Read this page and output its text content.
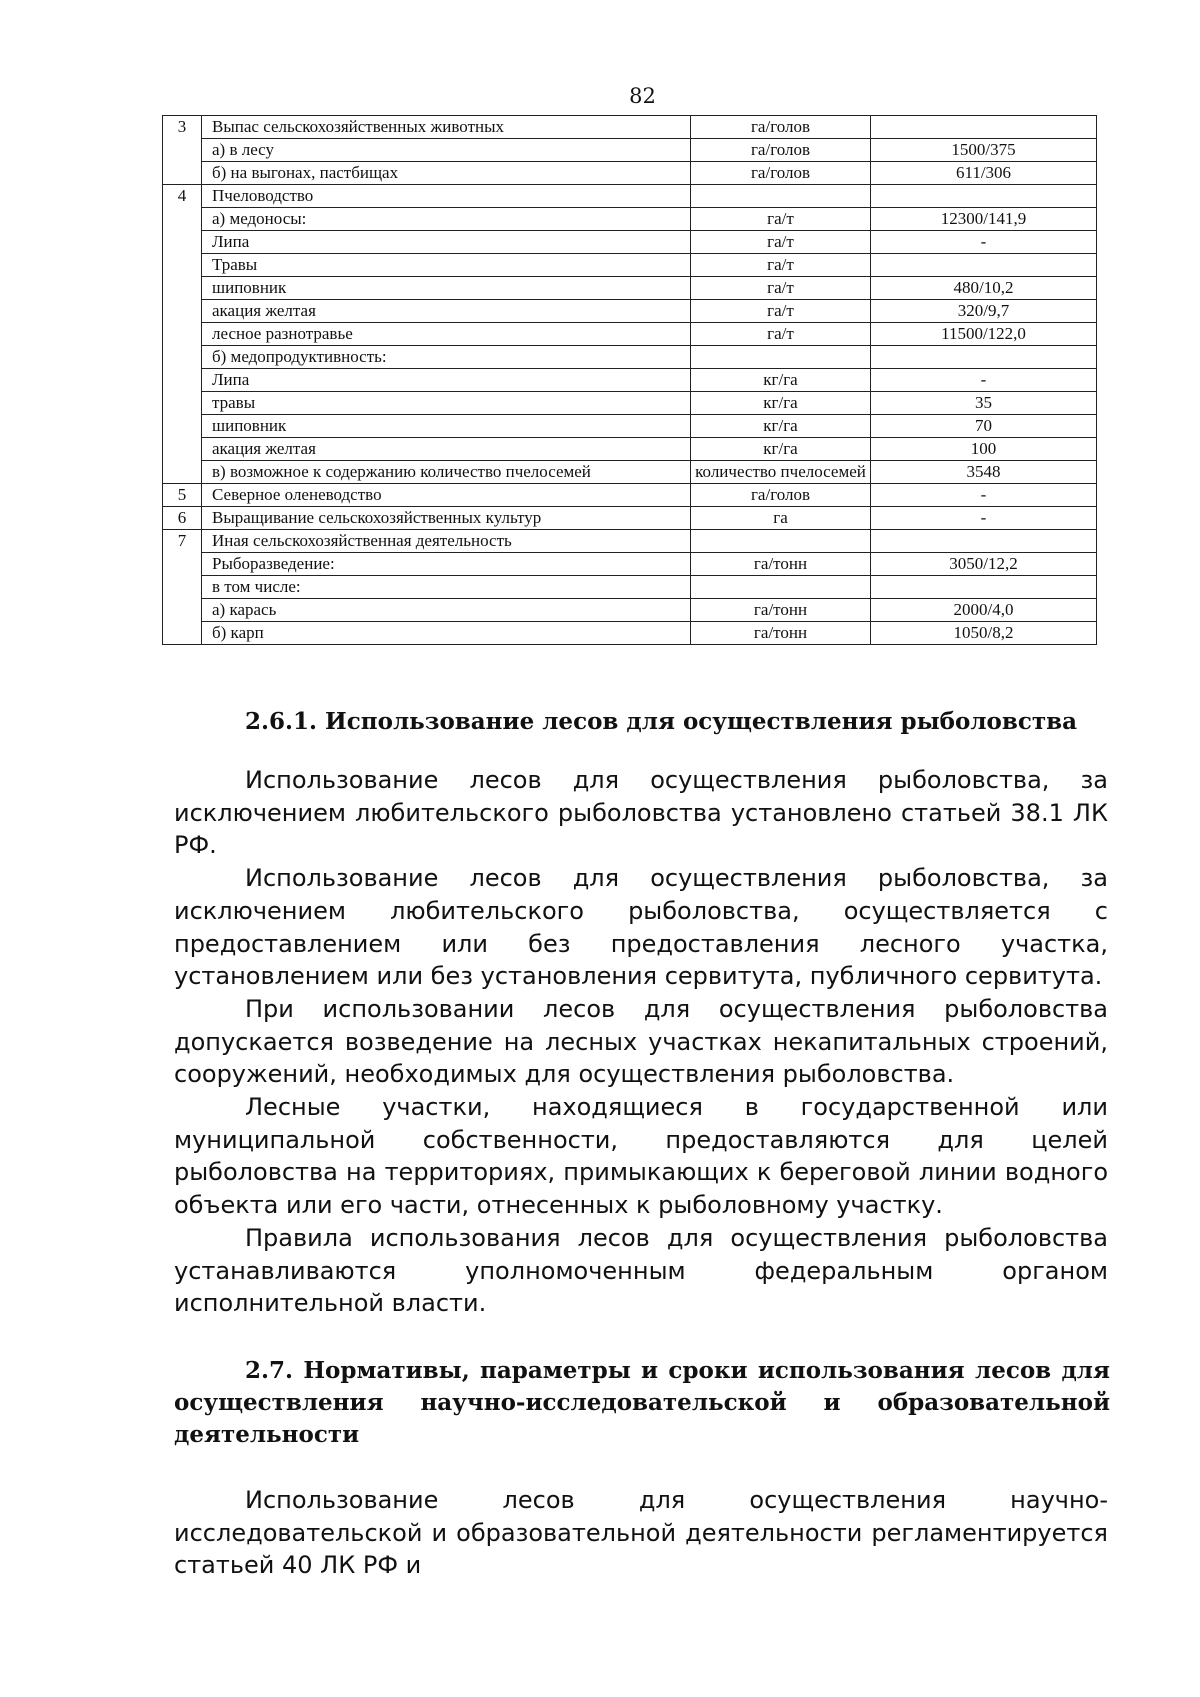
82
3	Выпас сельскохозяйственных животных	га/голов	
	а) в лесу	га/голов	1500/375
	б) на выгонах, пастбищах	га/голов	611/306
4	Пчеловодство		
	а) медоносы:	га/т	12300/141,9
	Липа	га/т	-
	Травы	га/т	
	шиповник	га/т	480/10,2
	акация желтая	га/т	320/9,7
	лесное разнотравье	га/т	11500/122,0
	б) медопродуктивность:		
	Липа	кг/га	-
	травы	кг/га	35
	шиповник	кг/га	70
	акация желтая	кг/га	100
	в) возможное к содержанию количество пчелосемей	количество пчелосемей	3548
5	Северное оленеводство	га/голов	-
6	Выращивание сельскохозяйственных культур	га	-
7	Иная сельскохозяйственная деятельность		
	Рыборазведение:	га/тонн	3050/12,2
	в том числе:		
	а) карась	га/тонн	2000/4,0
	б) карп	га/тонн	1050/8,2
2.6.1. Использование лесов для осуществления рыболовства

Использование лесов для осуществления рыболовства, за исключением любительского рыболовства установлено статьей 38.1 ЛК РФ.

Использование лесов для осуществления рыболовства, за исключением любительского рыболовства, осуществляется с предоставлением или без предоставления лесного участка, установлением или без установления сервитута, публичного сервитута.

При использовании лесов для осуществления рыболовства допускается возведение на лесных участках некапитальных строений, сооружений, необходимых для осуществления рыболовства.

Лесные участки, находящиеся в государственной или муниципальной собственности, предоставляются для целей рыболовства на территориях, примыкающих к береговой линии водного объекта или его части, отнесенных к рыболовному участку.

Правила использования лесов для осуществления рыболовства устанавливаются уполномоченным федеральным органом исполнительной власти.

2.7. Нормативы, параметры и сроки использования лесов для осуществления научно-исследовательской и образовательной деятельности

Использование лесов для осуществления научно-исследовательской и образовательной деятельности регламентируется статьей 40 ЛК РФ и
